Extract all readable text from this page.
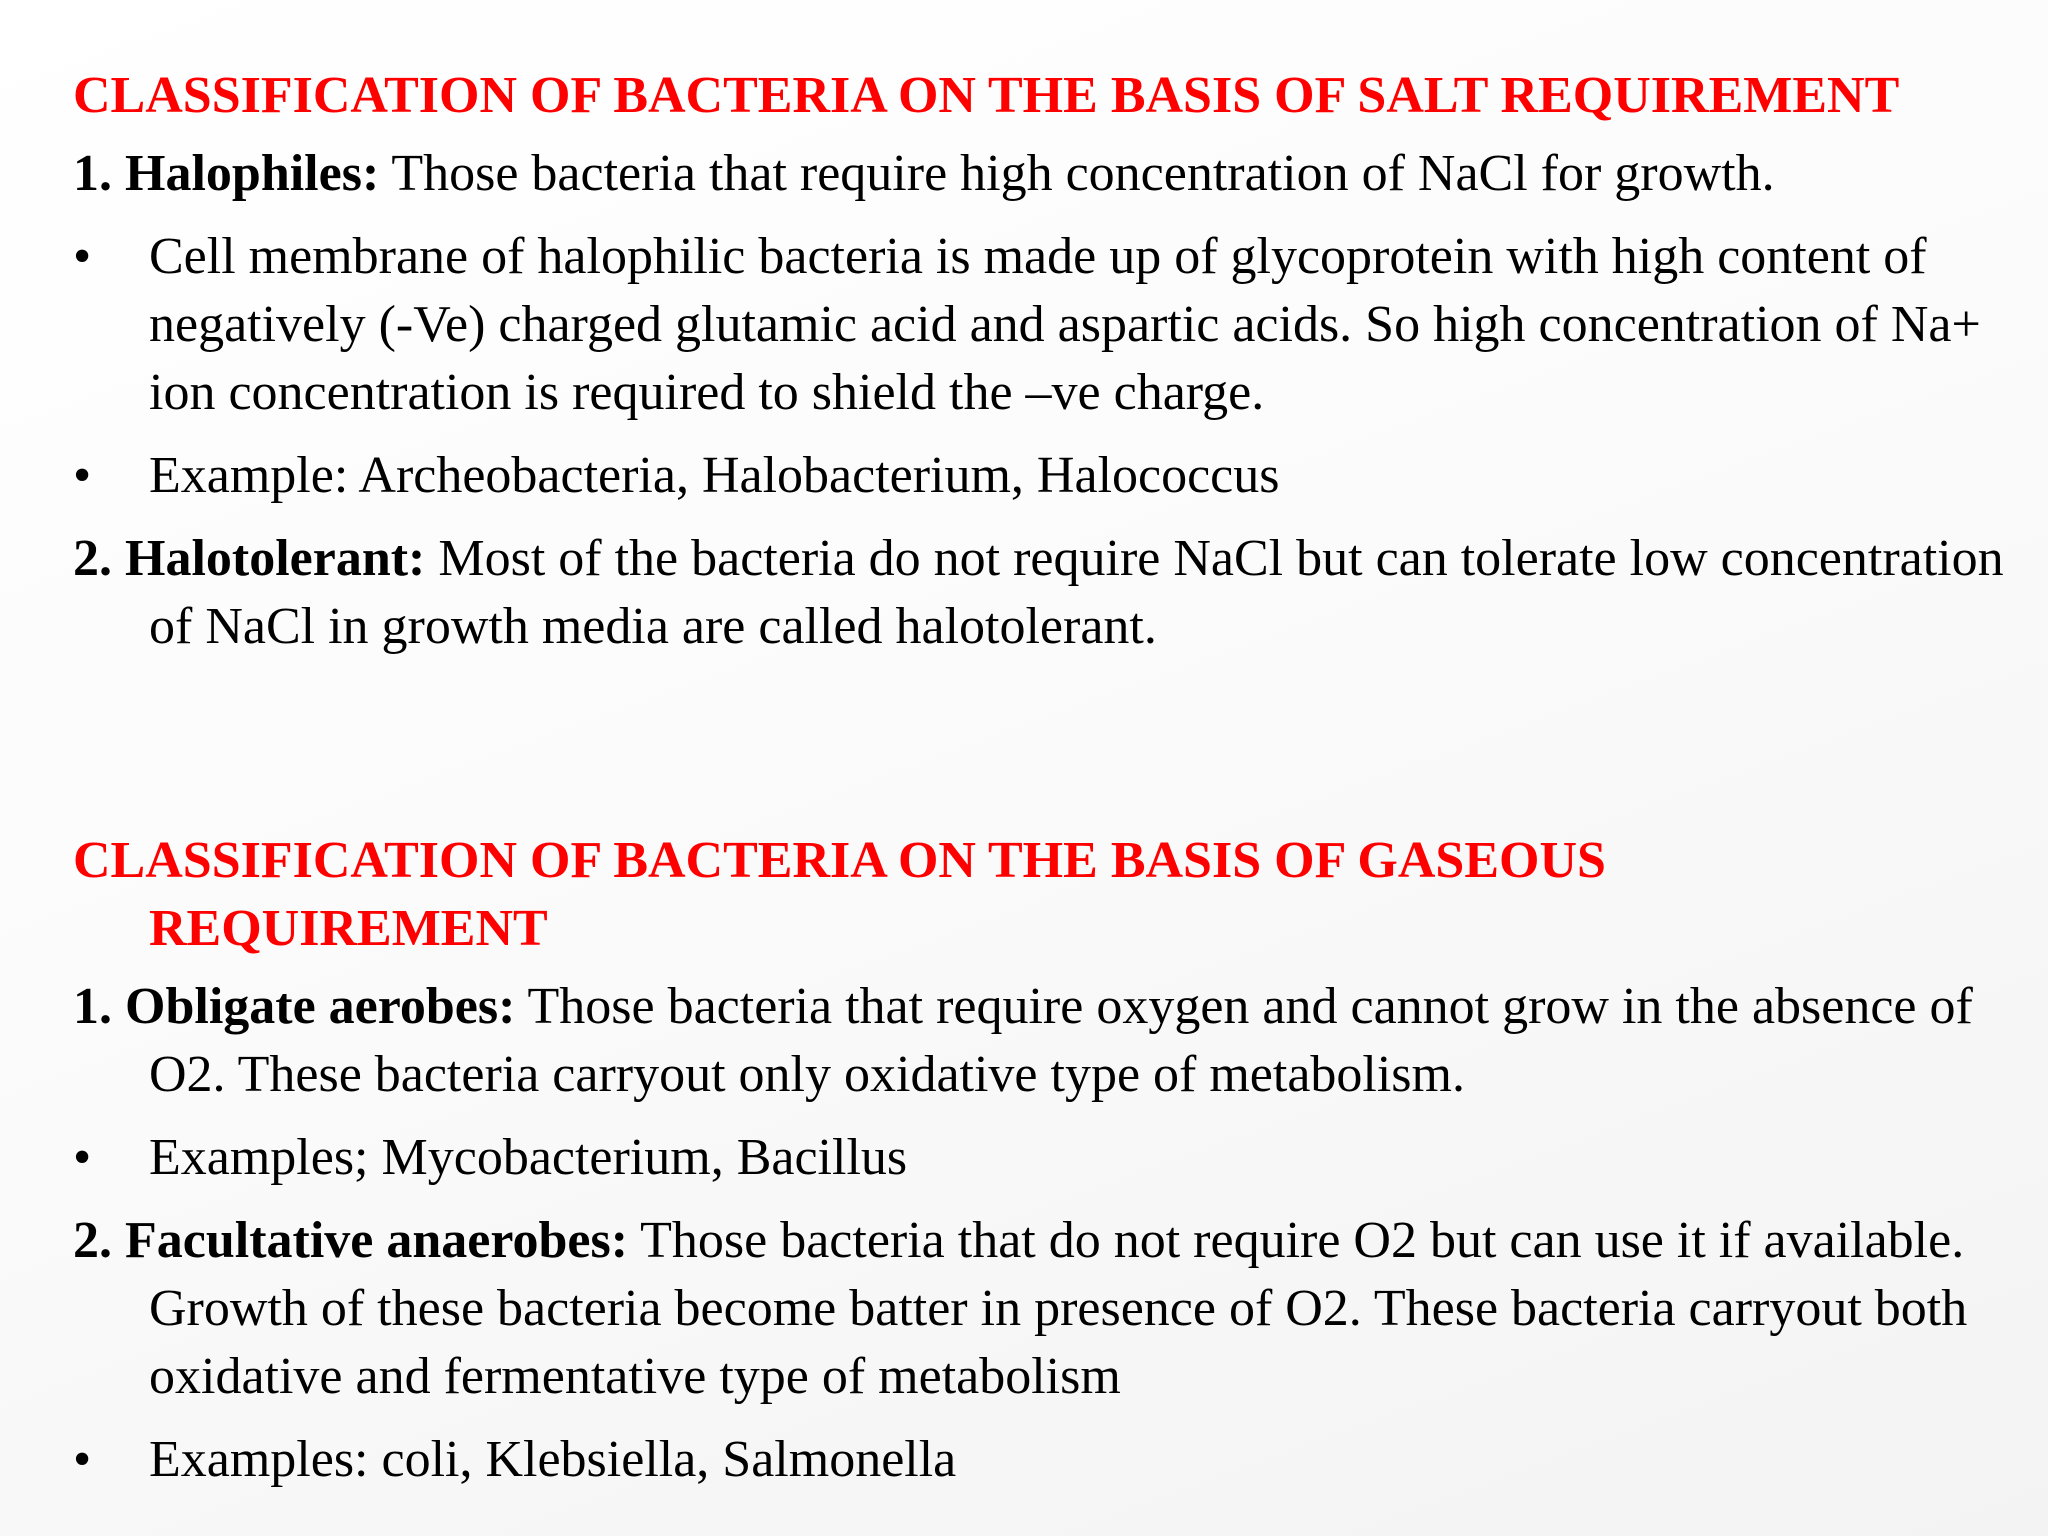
CLASSIFICATION OF BACTERIA ON THE BASIS OF SALT REQUIREMENT
1. Halophiles: Those bacteria that require high concentration of NaCl for growth.
•	Cell membrane of halophilic bacteria is made up of glycoprotein with high content of negatively (-Ve) charged glutamic acid and aspartic acids. So high concentration of Na+ ion concentration is required to shield the –ve charge.
•	Example: Archeobacteria, Halobacterium, Halococcus
2. Halotolerant: Most of the bacteria do not require NaCl but can tolerate low concentration of NaCl in growth media are called halotolerant.
CLASSIFICATION OF BACTERIA ON THE BASIS OF GASEOUS REQUIREMENT
1. Obligate aerobes: Those bacteria that require oxygen and cannot grow in the absence of O2. These bacteria carryout only oxidative type of metabolism.
•	Examples; Mycobacterium, Bacillus
2. Facultative anaerobes: Those bacteria that do not require O2 but can use it if available. Growth of these bacteria become batter in presence of O2. These bacteria carryout both oxidative and fermentative type of metabolism
•	Examples: coli, Klebsiella, Salmonella
